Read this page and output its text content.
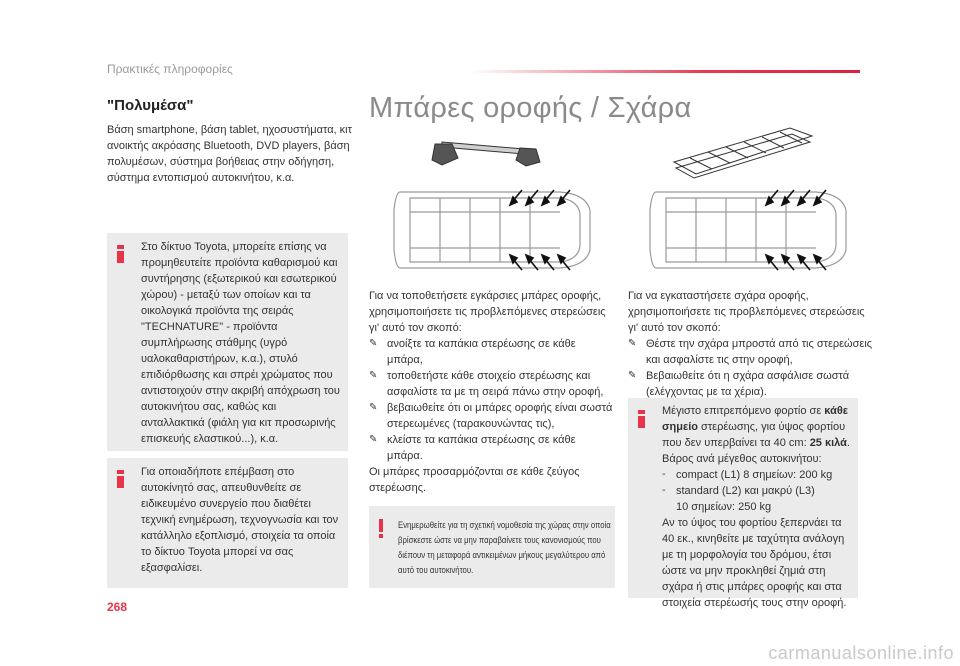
Πρακτικές πληροφορίες
"Πολυμέσα"
Βάση smartphone, βάση tablet, ηχοσυστήματα, κιτ ανοικτής ακρόασης Bluetooth, DVD players, βάση πολυμέσων, σύστημα βοήθειας στην οδήγηση, σύστημα εντοπισμού αυτοκινήτου, κ.α.
Στο δίκτυο Toyota, μπορείτε επίσης να προμηθευτείτε προϊόντα καθαρισμού και συντήρησης (εξωτερικού και εσωτερικού χώρου) - μεταξύ των οποίων και τα οικολογικά προϊόντα της σειράς "TECHNATURE" - προϊόντα συμπλήρωσης στάθμης (υγρό υαλοκαθαριστήρων, κ.α.), στυλό επιδιόρθωσης και σπρέι χρώματος που αντιστοιχούν στην ακριβή απόχρωση του αυτοκινήτου σας, καθώς και ανταλλακτικά (φιάλη για κιτ προσωρινής επισκευής ελαστικού...), κ.α.
Για οποιαδήποτε επέμβαση στο αυτοκίνητό σας, απευθυνθείτε σε ειδικευμένο συνεργείο που διαθέτει τεχνική ενημέρωση, τεχνογνωσία και τον κατάλληλο εξοπλισμό, στοιχεία τα οποία το δίκτυο Toyota μπορεί να σας εξασφαλίσει.
Μπάρες οροφής / Σχάρα
Για να τοποθετήσετε εγκάρσιες μπάρες οροφής, χρησιμοποιήσετε τις προβλεπόμενες στερεώσεις γι' αυτό τον σκοπό:
✎ ανοίξτε τα καπάκια στερέωσης σε κάθε μπάρα,
✎ τοποθετήστε κάθε στοιχείο στερέωσης και ασφαλίστε τα με τη σειρά πάνω στην οροφή,
✎ βεβαιωθείτε ότι οι μπάρες οροφής είναι σωστά στερεωμένες (ταρακουνώντας τις),
✎ κλείστε τα καπάκια στερέωσης σε κάθε μπάρα.
Οι μπάρες προσαρμόζονται σε κάθε ζεύγος στερέωσης.
Ενημερωθείτε για τη σχετική νομοθεσία της χώρας στην οποία βρίσκεστε ώστε να μην παραβαίνετε τους κανονισμούς που διέπουν τη μεταφορά αντικειμένων μήκους μεγαλύτερου από αυτό του αυτοκινήτου.
Για να εγκαταστήσετε σχάρα οροφής, χρησιμοποιήσετε τις προβλεπόμενες στερεώσεις γι' αυτό τον σκοπό:
✎ Θέστε την σχάρα μπροστά από τις στερεώσεις και ασφαλίστε τις στην οροφή,
✎ Βεβαιωθείτε ότι η σχάρα ασφάλισε σωστά (ελέγχοντας με τα χέρια).
Μέγιστο επιτρεπόμενο φορτίο σε κάθε σημείο στερέωσης, για ύψος φορτίου που δεν υπερβαίνει τα 40 cm: 25 κιλά.
Βάρος ανά μέγεθος αυτοκινήτου:
- compact (L1) 8 σημείων: 200 kg
- standard (L2) και μακρύ (L3)
10 σημείων: 250 kg
Αν το ύψος του φορτίου ξεπερνάει τα 40 εκ., κινηθείτε με ταχύτητα ανάλογη με τη μορφολογία του δρόμου, έτσι ώστε να μην προκληθεί ζημιά στη σχάρα ή στις μπάρες οροφής και στα στοιχεία στερέωσής τους στην οροφή.
268
carmanualsonline.info
